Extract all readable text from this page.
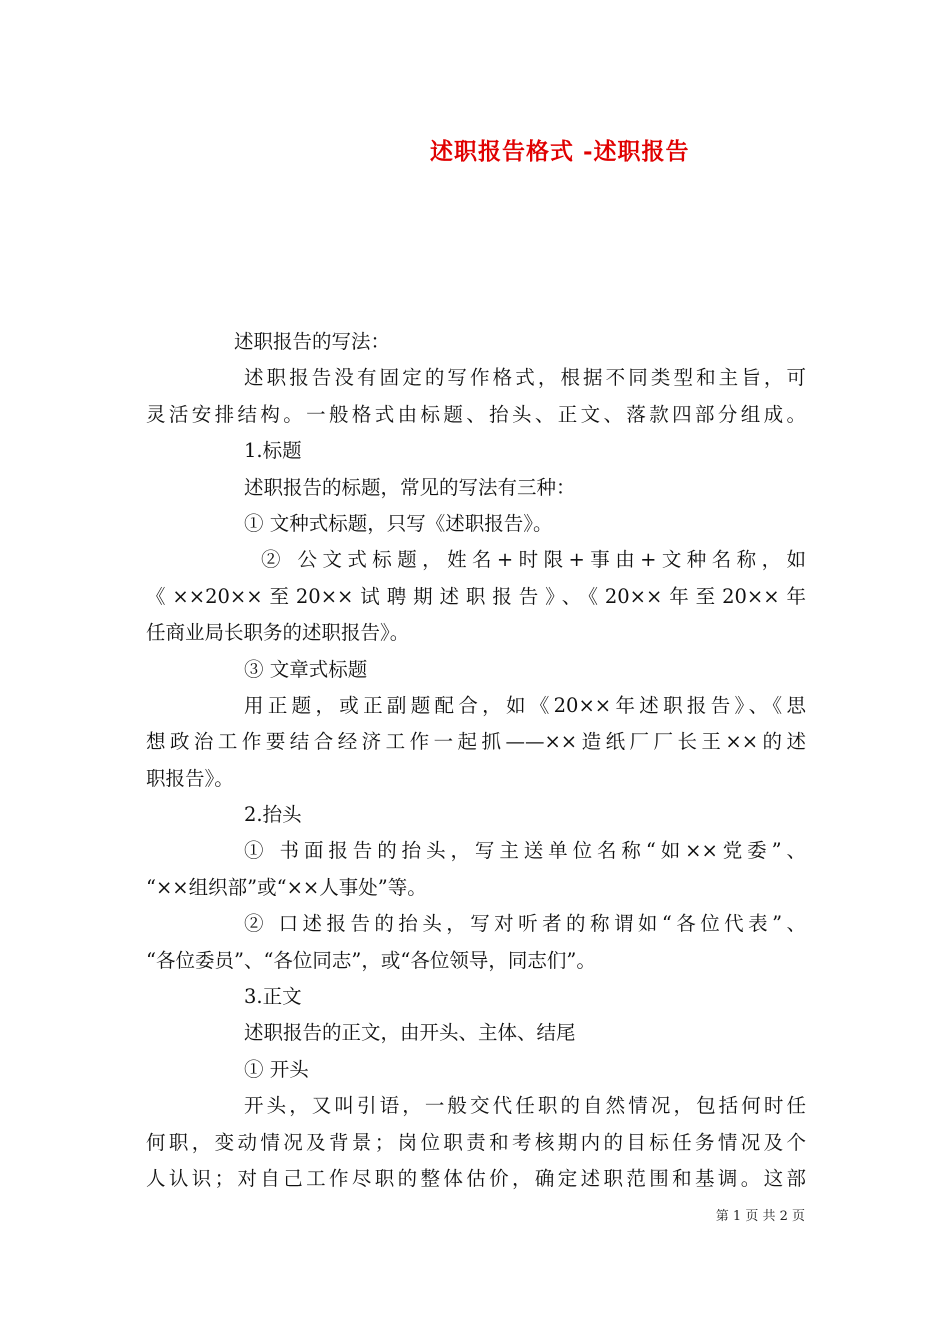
述职报告格式 -述职报告
述职报告的写法：
述职报告没有固定的写作格式，根据不同类型和主旨，可
灵活安排结构。一般格式由标题、抬头、正文、落款四部分组成。
1.标题
述职报告的标题，常见的写法有三种：
① 文种式标题，只写《述职报告》。
② 公文式标题，姓名+时限+事由+文种名称，如
《××20××至20××试聘期述职报告》、《20××年至20××年
任商业局长职务的述职报告》。
③ 文章式标题
用正题，或正副题配合，如《20××年述职报告》、《思
想政治工作要结合经济工作一起抓——××造纸厂厂长王××的述
职报告》。
2.抬头
① 书面报告的抬头，写主送单位名称“如××党委”、
“××组织部”或“××人事处”等。
② 口述报告的抬头，写对听者的称谓如“各位代表”、
“各位委员”、“各位同志”，或“各位领导，同志们”。
3.正文
述职报告的正文，由开头、主体、结尾
① 开头
开头，又叫引语，一般交代任职的自然情况，包括何时任
何职，变动情况及背景；岗位职责和考核期内的目标任务情况及个
人认识；对自己工作尽职的整体估价，确定述职范围和基调。这部
第 1 页 共 2 页
